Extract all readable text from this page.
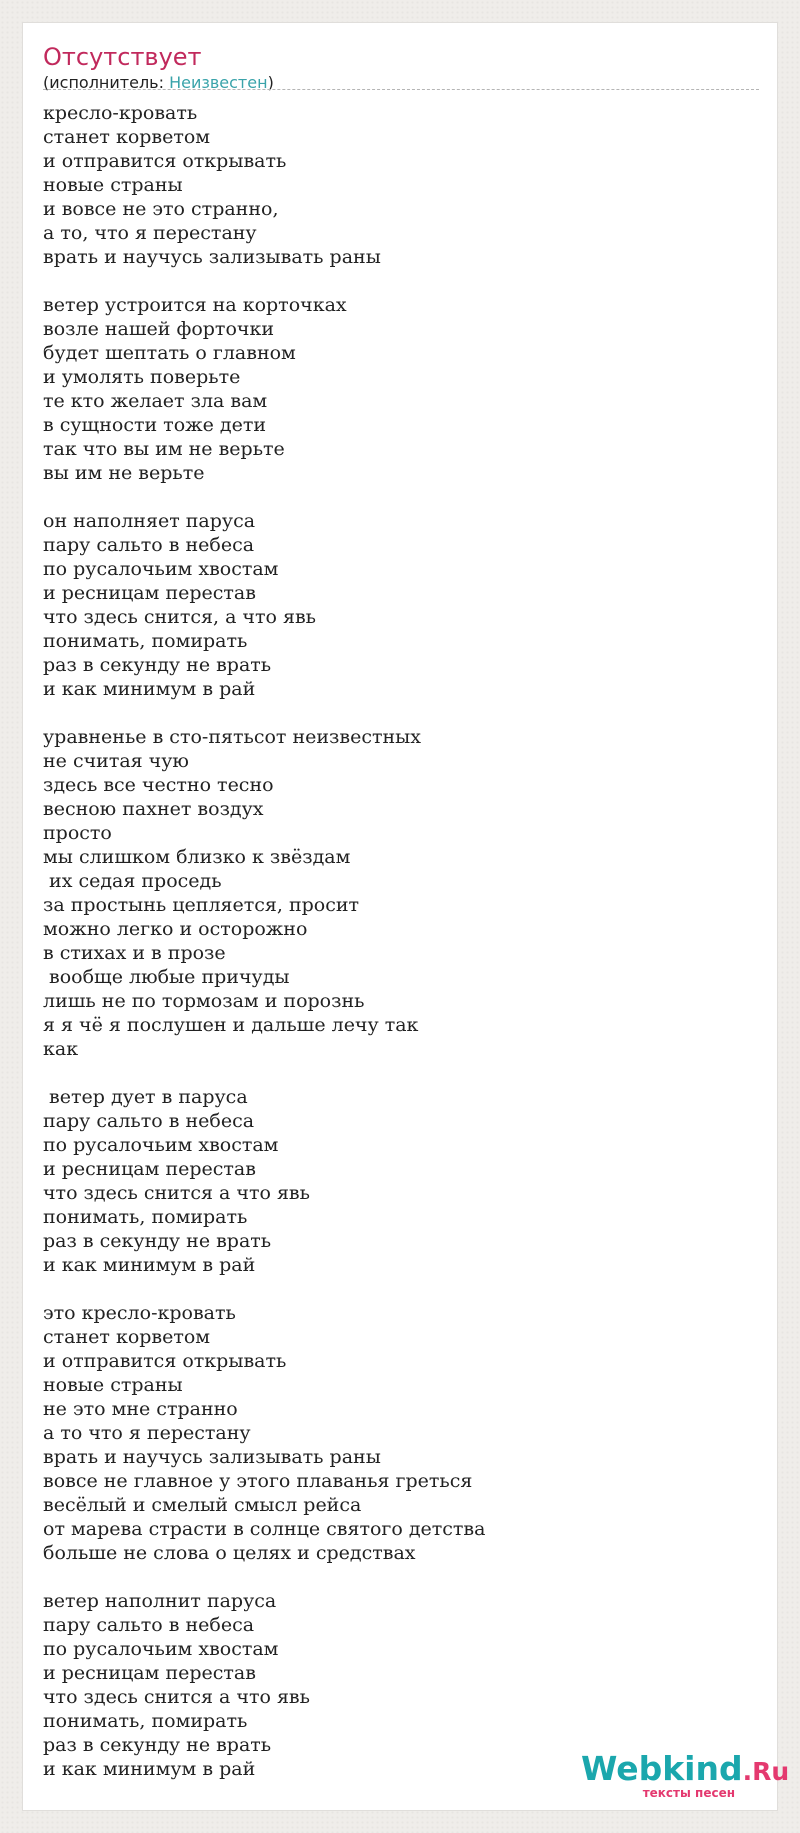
Отсутствует
(исполнитель: Неизвестен)
кресло-кровать
станет корветом
и отправится открывать
новые страны
и вовсе не это странно,
а то, что я перестану
врать и научусь зализывать раны
ветер устроится на корточках
возле нашей форточки
будет шептать о главном
и умолять поверьте
те кто желает зла вам
в сущности тоже дети
так что вы им не верьте
вы им не верьте
он наполняет паруса
пару сальто в небеса
по русалочьим хвостам
и ресницам перестав
что здесь снится, а что явь
понимать, помирать
раз в секунду не врать
и как минимум в рай
уравненье в сто-пятьсот неизвестных
не считая чую
здесь все честно тесно
весною пахнет воздух
просто
мы слишком близко к звёздам
их седая проседь
за простынь цепляется, просит
можно легко и осторожно
в стихах и в прозе
вообще любые причуды
лишь не по тормозам и порознь
я я чё я послушен и дальше лечу так
как
ветер дует в паруса
пару сальто в небеса
по русалочьим хвостам
и ресницам перестав
что здесь снится а что явь
понимать, помирать
раз в секунду не врать
и как минимум в рай
это кресло-кровать
станет корветом
и отправится открывать
новые страны
не это мне странно
а то что я перестану
врать и научусь зализывать раны
вовсе не главное у этого плаванья греться
весёлый и смелый смысл рейса
от марева страсти в солнце святого детства
больше не слова о целях и средствах
ветер наполнит паруса
пару сальто в небеса
по русалочьим хвостам
и ресницам перестав
что здесь снится а что явь
понимать, помирать
раз в секунду не врать
и как минимум в рай	Webkind.Ru
тексты песен
